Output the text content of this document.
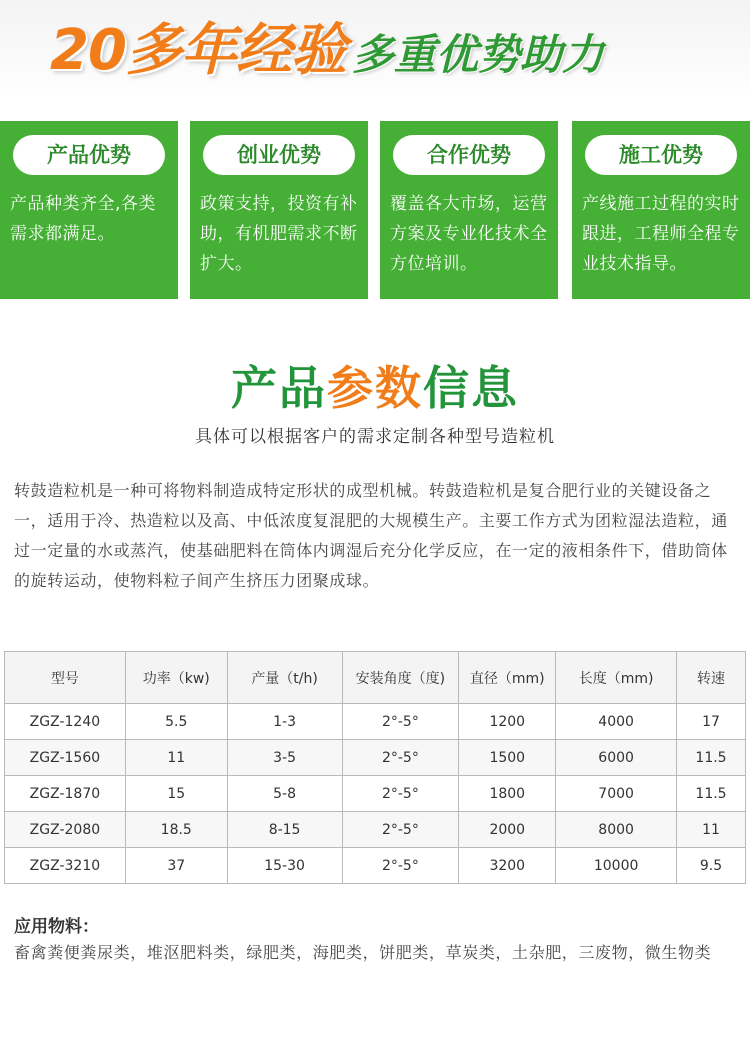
20多年经验 多重优势助力
产品优势
产品种类齐全,各类需求都满足。
创业优势
政策支持，投资有补助，有机肥需求不断扩大。
合作优势
覆盖各大市场，运营方案及专业化技术全方位培训。
施工优势
产线施工过程的实时跟进，工程师全程专业技术指导。
产品参数信息
具体可以根据客户的需求定制各种型号造粒机
转鼓造粒机是一种可将物料制造成特定形状的成型机械。转鼓造粒机是复合肥行业的关键设备之一，适用于冷、热造粒以及高、中低浓度复混肥的大规模生产。主要工作方式为团粒湿法造粒，通过一定量的水或蒸汽，使基础肥料在筒体内调湿后充分化学反应，在一定的液相条件下，借助筒体的旋转运动，使物料粒子间产生挤压力团聚成球。
型号	功率（kw)	产量（t/h)	安装角度（度)	直径（mm)	长度（mm)	转速
ZGZ-1240	5.5	1-3	2°-5°	1200	4000	17
ZGZ-1560	11	3-5	2°-5°	1500	6000	11.5
ZGZ-1870	15	5-8	2°-5°	1800	7000	11.5
ZGZ-2080	18.5	8-15	2°-5°	2000	8000	11
ZGZ-3210	37	15-30	2°-5°	3200	10000	9.5
应用物料：
畜禽粪便粪尿类，堆沤肥料类，绿肥类，海肥类，饼肥类，草炭类，土杂肥，三废物，微生物类
